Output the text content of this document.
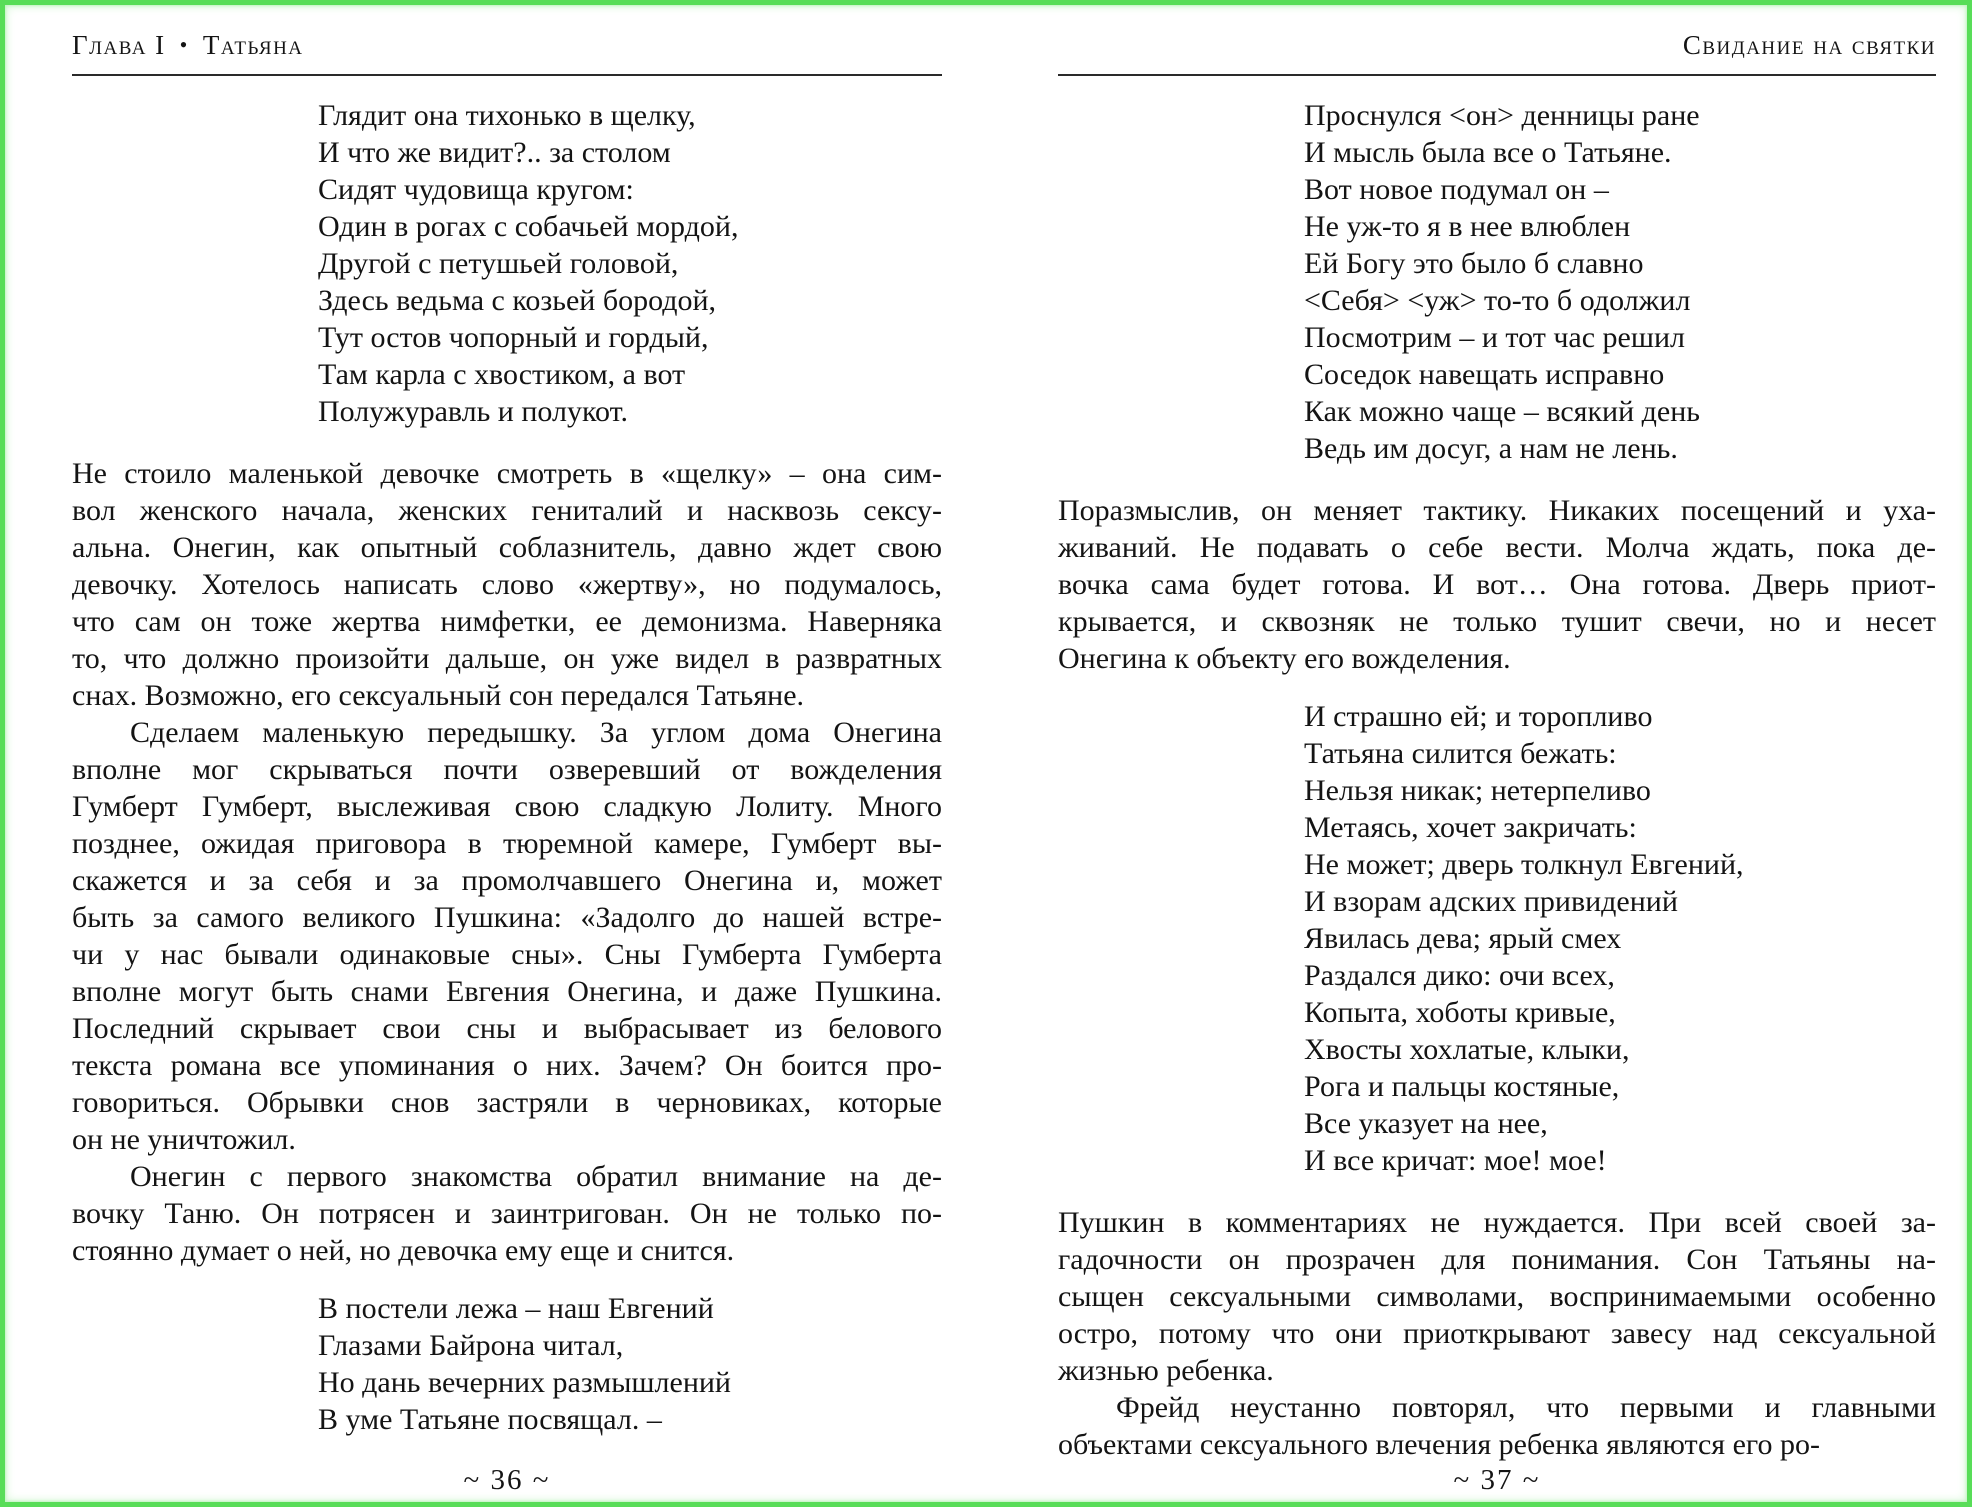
Глава I • Татьяна
Глядит она тихонько в щелку,
И что же видит?.. за столом
Сидят чудовища кругом:
Один в рогах с собачьей мордой,
Другой с петушьей головой,
Здесь ведьма с козьей бородой,
Тут остов чопорный и гордый,
Там карла с хвостиком, а вот
Полужуравль и полукот.
Не стоило маленькой девочке смотреть в «щелку» – она сим-
вол женского начала, женских гениталий и насквозь сексу-
альна. Онегин, как опытный соблазнитель, давно ждет свою
девочку. Хотелось написать слово «жертву», но подумалось,
что сам он тоже жертва нимфетки, ее демонизма. Наверняка
то, что должно произойти дальше, он уже видел в развратных
снах. Возможно, его сексуальный сон передался Татьяне.
Сделаем маленькую передышку. За углом дома Онегина
вполне мог скрываться почти озверевший от вожделения
Гумберт Гумберт, выслеживая свою сладкую Лолиту. Много
позднее, ожидая приговора в тюремной камере, Гумберт вы-
скажется и за себя и за промолчавшего Онегина и, может
быть за самого великого Пушкина: «Задолго до нашей встре-
чи у нас бывали одинаковые сны». Сны Гумберта Гумберта
вполне могут быть снами Евгения Онегина, и даже Пушкина.
Последний скрывает свои сны и выбрасывает из белового
текста романа все упоминания о них. Зачем? Он боится про-
говориться. Обрывки снов застряли в черновиках, которые
он не уничтожил.
Онегин с первого знакомства обратил внимание на де-
вочку Таню. Он потрясен и заинтригован. Он не только по-
стоянно думает о ней, но девочка ему еще и снится.
В постели лежа – наш Евгений
Глазами Байрона читал,
Но дань вечерних размышлений
В уме Татьяне посвящал. –
~ 36 ~
Свидание на святки
Проснулся <он> денницы ране
И мысль была все о Татьяне.
Вот новое подумал он –
Не уж-то я в нее влюблен
Ей Богу это было б славно
<Себя> <уж> то-то б одолжил
Посмотрим – и тот час решил
Соседок навещать исправно
Как можно чаще – всякий день
Ведь им досуг, а нам не лень.
Поразмыслив, он меняет тактику. Никаких посещений и уха-
живаний. Не подавать о себе вести. Молча ждать, пока де-
вочка сама будет готова. И вот… Она готова. Дверь приот-
крывается, и сквозняк не только тушит свечи, но и несет
Онегина к объекту его вожделения.
И страшно ей; и торопливо
Татьяна силится бежать:
Нельзя никак; нетерпеливо
Метаясь, хочет закричать:
Не может; дверь толкнул Евгений,
И взорам адских привидений
Явилась дева; ярый смех
Раздался дико: очи всех,
Копыта, хоботы кривые,
Хвосты хохлатые, клыки,
Рога и пальцы костяные,
Все указует на нее,
И все кричат: мое! мое!
Пушкин в комментариях не нуждается. При всей своей за-
гадочности он прозрачен для понимания. Сон Татьяны на-
сыщен сексуальными символами, воспринимаемыми особенно
остро, потому что они приоткрывают завесу над сексуальной
жизнью ребенка.
Фрейд неустанно повторял, что первыми и главными
объектами сексуального влечения ребенка являются его ро-
~ 37 ~
